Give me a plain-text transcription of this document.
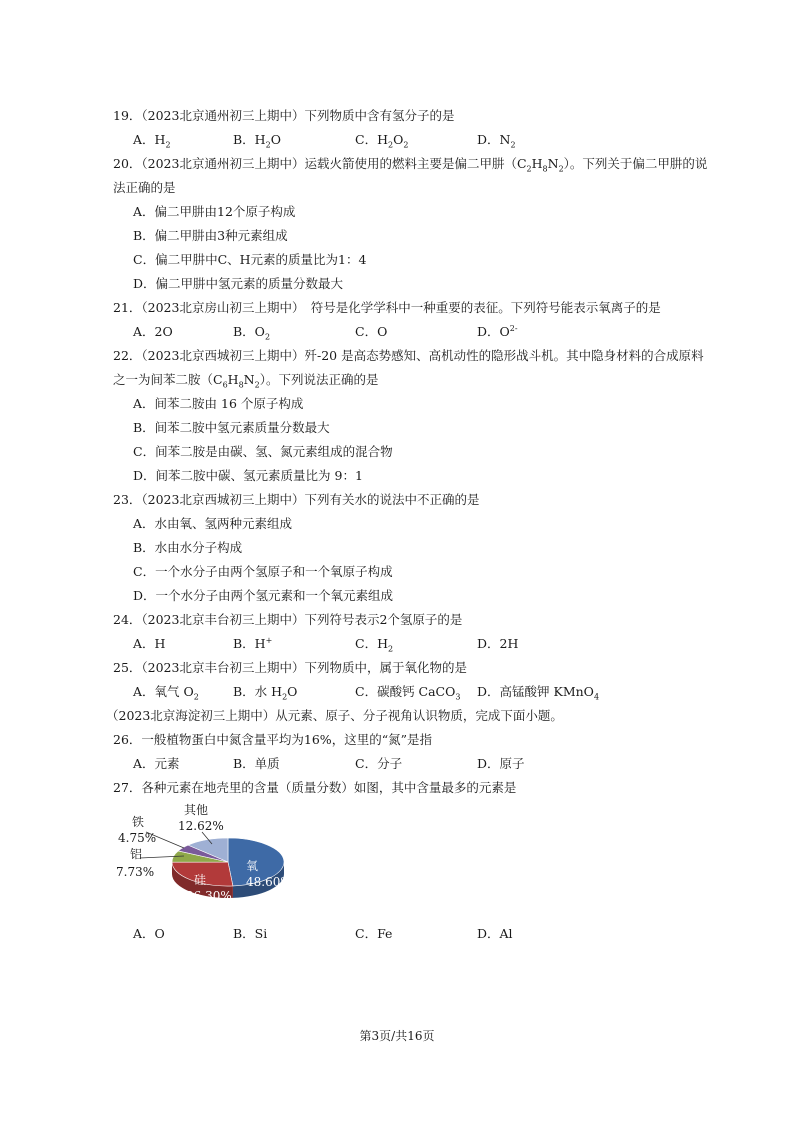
19．（2023北京通州初三上期中）下列物质中含有氢分子的是
A．$H_2$	B．$H_2O$	C．$H_2O_2$	D．$N_2$
20．（2023北京通州初三上期中）运载火箭使用的燃料主要是偏二甲肼$(C_2H_8N_2)$。下列关于偏二甲肼的说
法正确的是
A．偏二甲肼由12个原子构成
B．偏二甲肼由3种元素组成
C．偏二甲肼中C、H元素的质量比为1：4
D．偏二甲肼中氢元素的质量分数最大
21．（2023北京房山初三上期中）　符号是化学学科中一种重要的表征。下列符号能表示氧离子的是
A．2O	B．$O_2$	C．O	D．$O^{2-}$
22．（2023北京西城初三上期中）歼-20 是高态势感知、高机动性的隐形战斗机。其中隐身材料的合成原料
之一为间苯二胺$(C_6H_8N_2)$。下列说法正确的是
A．间苯二胺由 16 个原子构成
B．间苯二胺中氢元素质量分数最大
C．间苯二胺是由碳、氢、氮元素组成的混合物
D．间苯二胺中碳、氢元素质量比为 9：1
23．（2023北京西城初三上期中）下列有关水的说法中不正确的是
A．水由氧、氢两种元素组成
B．水由水分子构成
C．一个水分子由两个氢原子和一个氧原子构成
D．一个水分子由两个氢元素和一个氧元素组成
24．（2023北京丰台初三上期中）下列符号表示2个氢原子的是
A．H	B．H+	C．$H_2$	D．2H
25．（2023北京丰台初三上期中）下列物质中，属于氧化物的是
A．氧气 $O_2$	B．水 $H_2O$	C．碳酸钙 CaCO$_3$ D．高锰酸钾 KMnO$_4$
（2023北京海淀初三上期中）从元素、原子、分子视角认识物质，完成下面小题。
26．一般植物蛋白中氮含量平均为16%，这里的“氮”是指
A．元素	B．单质	C．分子	D．原子
27．各种元素在地壳里的含量（质量分数）如图，其中含量最多的元素是
氧
48.60%
硅
26.30%
铝
7.73%
铁
4.75%
其他
12.62%
A．O	B．Si	C．Fe	D．Al
第3页/共16页
